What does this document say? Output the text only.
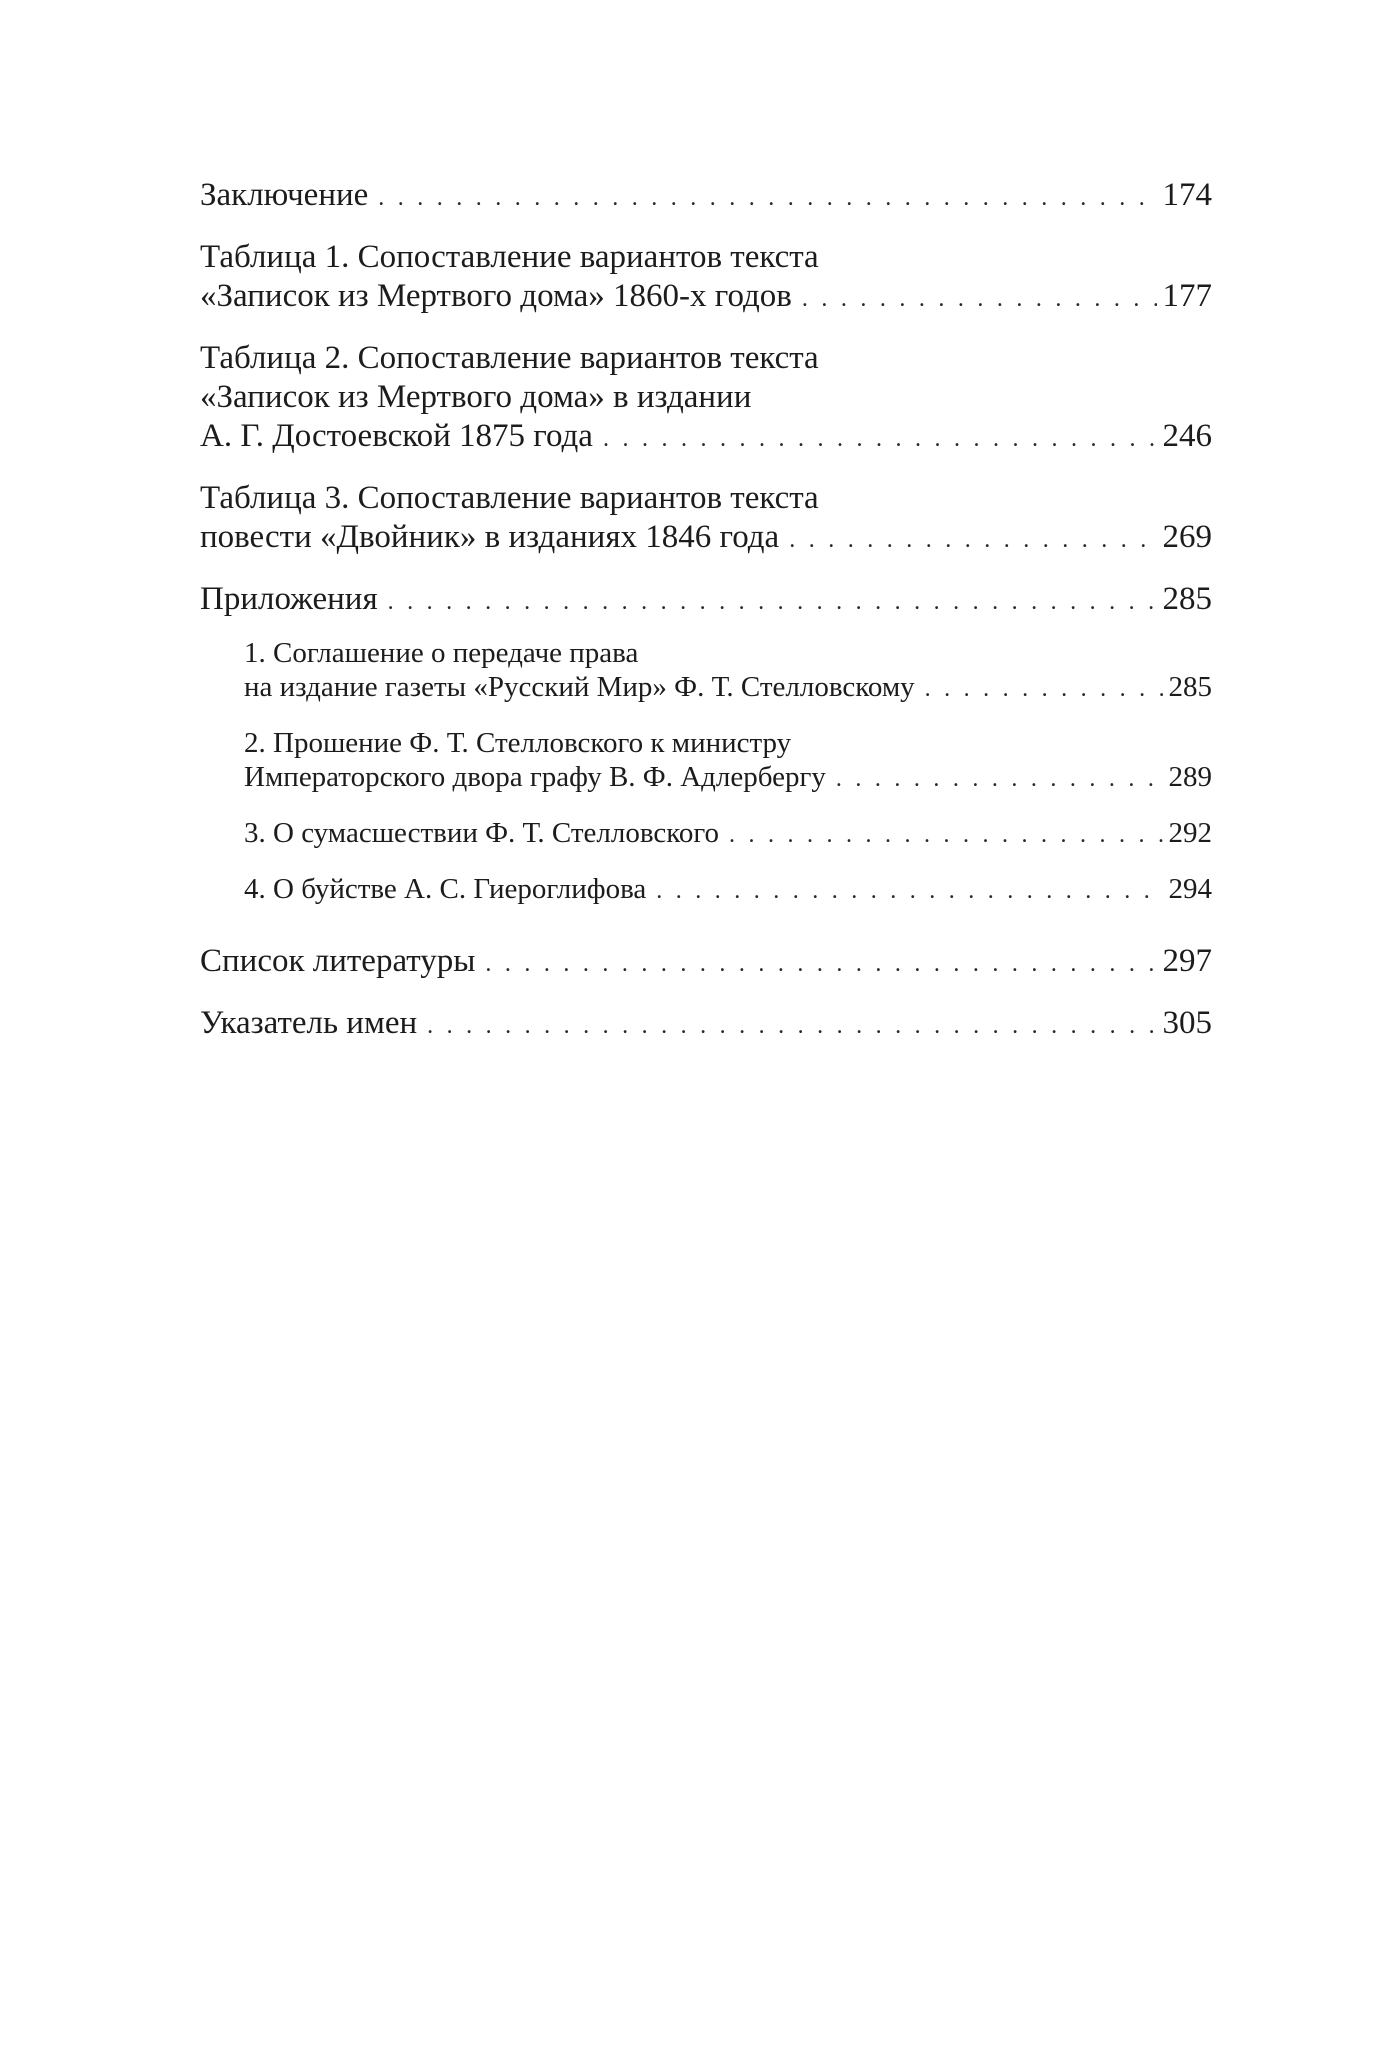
Заключение . .	174
Таблица 1. Сопоставление вариантов текста
«Записок из Мертвого дома» 1860-х годов . .	177
Таблица 2. Сопоставление вариантов текста
«Записок из Мертвого дома» в издании
А. Г. Достоевской 1875 года . .	246
Таблица 3. Сопоставление вариантов текста
повести «Двойник» в изданиях 1846 года . .	269
Приложения . .	285
1. Соглашение о передаче права
на издание газеты «Русский Мир» Ф. Т. Стелловскому . .	285
2. Прошение Ф. Т. Стелловского к министру
Императорского двора графу В. Ф. Адлербергу . .	289
3. О сумасшествии Ф. Т. Стелловского . .	292
4. О буйстве А. С. Гиероглифова . .	294
Список литературы . .	297
Указатель имен . .	305
